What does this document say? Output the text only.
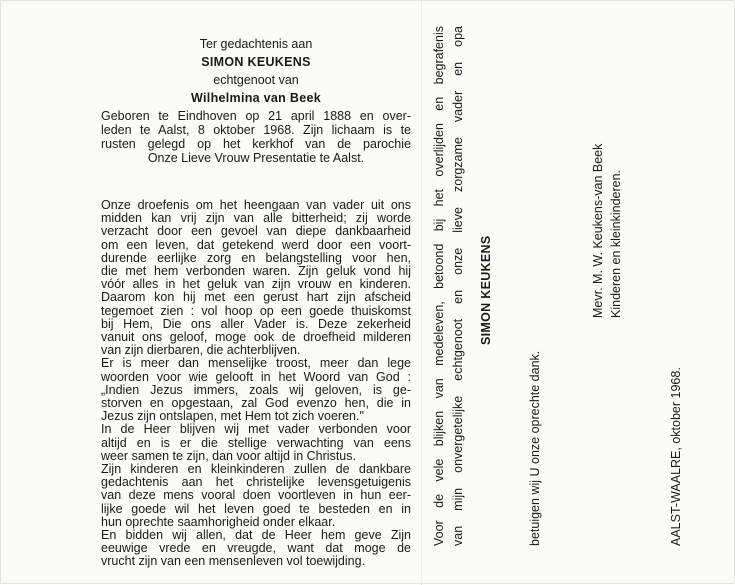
Ter gedachtenis aan
SIMON KEUKENS
echtgenoot van
Wilhelmina van Beek
Geboren te Eindhoven op 21 april 1888 en over-
leden te Aalst, 8 oktober 1968. Zijn lichaam is te
rusten gelegd op het kerkhof van de parochie
Onze Lieve Vrouw Presentatie te Aalst.

Onze droefenis om het heengaan van vader uit ons

midden kan vrij zijn van alle bitterheid; zij worde

verzacht door een gevoel van diepe dankbaarheid

om een leven, dat getekend werd door een voort-

durende eerlijke zorg en belangstelling voor hen,

die met hem verbonden waren. Zijn geluk vond hij

vóór alles in het geluk van zijn vrouw en kinderen.

Daarom kon hij met een gerust hart zijn afscheid

tegemoet zien : vol hoop op een goede thuiskomst

bij Hem, Die ons aller Vader is. Deze zekerheid

vanuit ons geloof, moge ook de droefheid milderen

van zijn dierbaren, die achterblijven.

Er is meer dan menselijke troost, meer dan lege

woorden voor wie gelooft in het Woord van God :

„Indien Jezus immers, zoals wij geloven, is ge-

storven en opgestaan, zal God evenzo hen, die in

Jezus zijn ontslapen, met Hem tot zich voeren."

In de Heer blijven wij met vader verbonden voor

altijd en is er die stellige verwachting van eens

weer samen te zijn, dan voor altijd in Christus.

Zijn kinderen en kleinkinderen zullen de dankbare

gedachtenis aan het christelijke levensgetuigenis

van deze mens vooral doen voortleven in hun eer-

lijke goede wil het leven goed te besteden en in

hun oprechte saamhorigheid onder elkaar.

En bidden wij allen, dat de Heer hem geve Zijn

eeuwige vrede en vreugde, want dat moge de

vrucht zijn van een mensenleven vol toewijding.

Voor de vele blijken van medeleven, betoond bij het overlijden en begrafenis van mijn onvergetelijke echtgenoot en onze lieve zorgzame vader en opa SIMON KEUKENS
betuigen wij U onze oprechte dank.
Mevr. M. W. Keukens-van Beek Kinderen en kleinkinderen.
AALST-WAALRE, oktober 1968.
